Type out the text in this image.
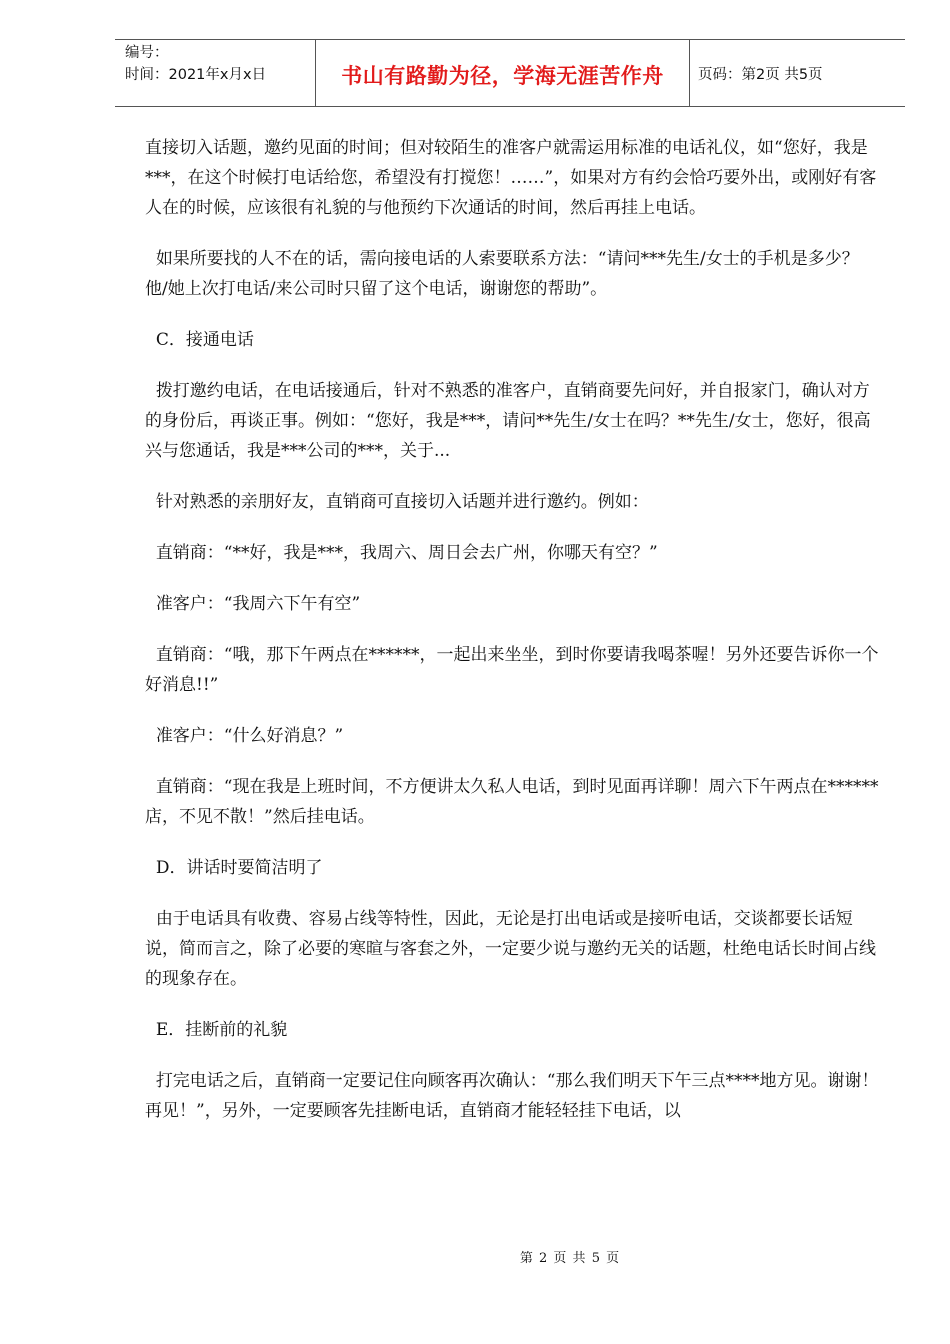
编号：
时间：2021年x月x日	书山有路勤为径，学海无涯苦作舟	页码：第2页 共5页

直接切入话题，邀约见面的时间；但对较陌生的准客户就需运用标准的电话礼仪，如“您好，我是***，在这个时候打电话给您，希望没有打搅您！……”，如果对方有约会恰巧要外出，或刚好有客人在的时候，应该很有礼貌的与他预约下次通话的时间，然后再挂上电话。

如果所要找的人不在的话，需向接电话的人索要联系方法：“请问***先生/女士的手机是多少？他/她上次打电话/来公司时只留了这个电话，谢谢您的帮助”。

C．接通电话

拨打邀约电话，在电话接通后，针对不熟悉的准客户，直销商要先问好，并自报家门，确认对方的身份后，再谈正事。例如：“您好，我是***，请问**先生/女士在吗？**先生/女士，您好，很高兴与您通话，我是***公司的***，关于...

针对熟悉的亲朋好友，直销商可直接切入话题并进行邀约。例如：

直销商：“**好，我是***，我周六、周日会去广州，你哪天有空？”

准客户：“我周六下午有空”

直销商：“哦，那下午两点在******，一起出来坐坐，到时你要请我喝茶喔！另外还要告诉你一个好消息!!”

准客户：“什么好消息？”

直销商：“现在我是上班时间，不方便讲太久私人电话，到时见面再详聊！周六下午两点在******店，不见不散！”然后挂电话。

D．讲话时要简洁明了

由于电话具有收费、容易占线等特性，因此，无论是打出电话或是接听电话，交谈都要长话短说，简而言之，除了必要的寒暄与客套之外，一定要少说与邀约无关的话题，杜绝电话长时间占线的现象存在。

E．挂断前的礼貌

打完电话之后，直销商一定要记住向顾客再次确认：“那么我们明天下午三点****地方见。谢谢！再见！”，另外，一定要顾客先挂断电话，直销商才能轻轻挂下电话，以

第 2 页 共 5 页
